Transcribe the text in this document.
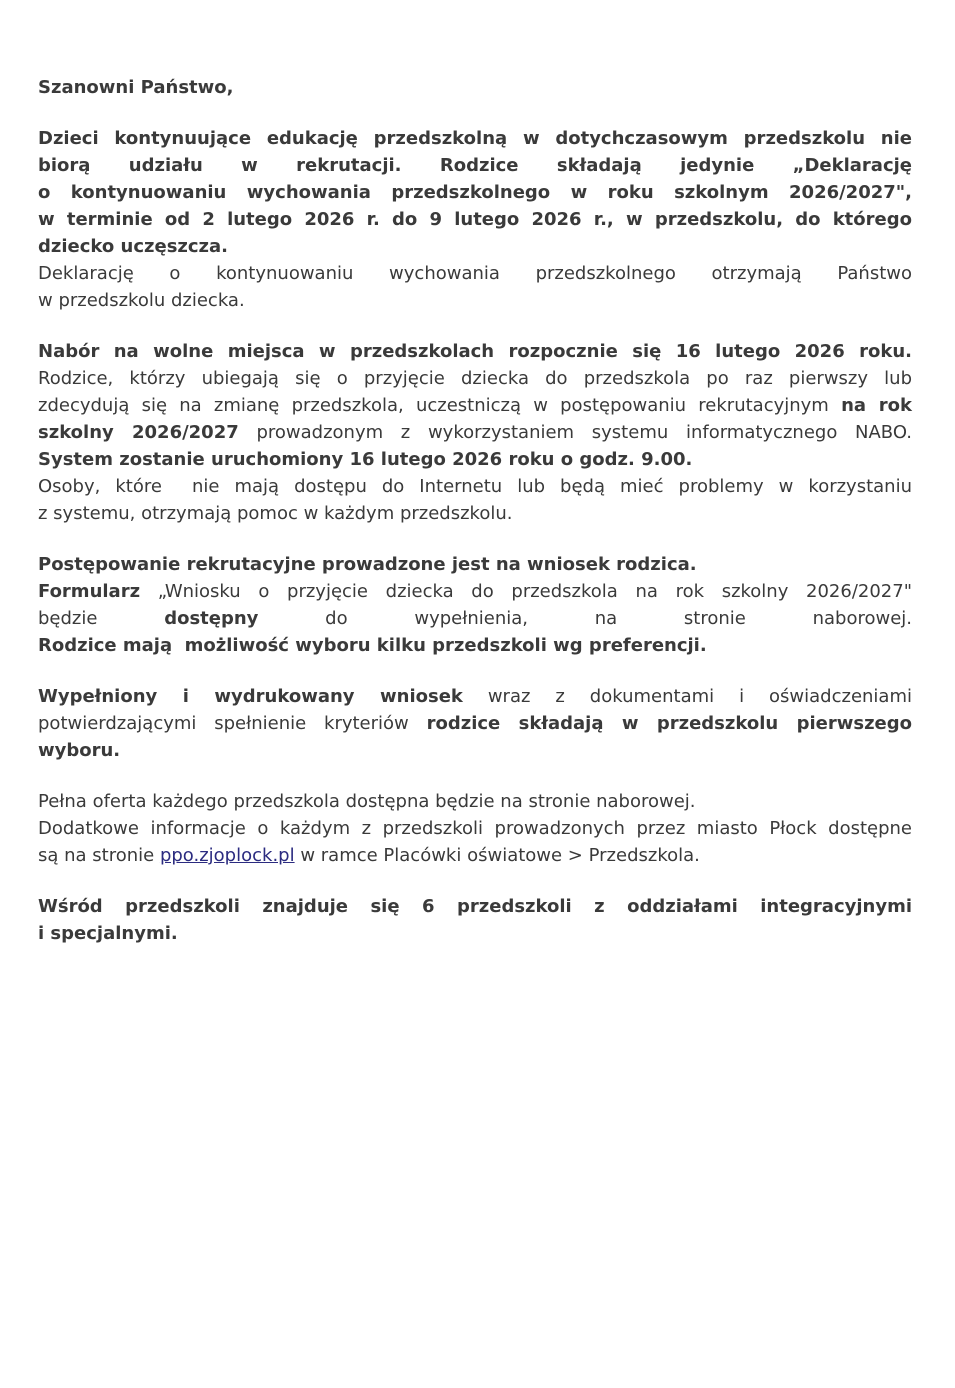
Szanowni Państwo,
Dzieci kontynuujące edukację przedszkolną w dotychczasowym przedszkolu nie
biorą udziału w rekrutacji. Rodzice składają jedynie „Deklarację
o kontynuowaniu wychowania przedszkolnego w roku szkolnym 2026/2027",
w terminie od 2 lutego 2026 r. do 9 lutego 2026 r., w przedszkolu, do którego
dziecko uczęszcza.
Deklarację o kontynuowaniu wychowania przedszkolnego otrzymają Państwo
w przedszkolu dziecka.
Nabór na wolne miejsca w przedszkolach rozpocznie się 16 lutego 2026 roku.
Rodzice, którzy ubiegają się o przyjęcie dziecka do przedszkola po raz pierwszy lub
zdecydują się na zmianę przedszkola, uczestniczą w postępowaniu rekrutacyjnym na rok
szkolny 2026/2027 prowadzonym z wykorzystaniem systemu informatycznego NABO.
System zostanie uruchomiony 16 lutego 2026 roku o godz. 9.00.
Osoby, które  nie mają dostępu do Internetu lub będą mieć problemy w korzystaniu
z systemu, otrzymają pomoc w każdym przedszkolu.
Postępowanie rekrutacyjne prowadzone jest na wniosek rodzica.
Formularz „Wniosku o przyjęcie dziecka do przedszkola na rok szkolny 2026/2027"
będzie dostępny do wypełnienia, na stronie naborowej.
Rodzice mają  możliwość wyboru kilku przedszkoli wg preferencji.
Wypełniony i wydrukowany wniosek wraz z dokumentami i oświadczeniami
potwierdzającymi spełnienie kryteriów rodzice składają w przedszkolu pierwszego
wyboru.
Pełna oferta każdego przedszkola dostępna będzie na stronie naborowej.
Dodatkowe informacje o każdym z przedszkoli prowadzonych przez miasto Płock dostępne
są na stronie ppo.zjoplock.pl w ramce Placówki oświatowe > Przedszkola.
Wśród przedszkoli znajduje się 6 przedszkoli z oddziałami integracyjnymi
i specjalnymi.
